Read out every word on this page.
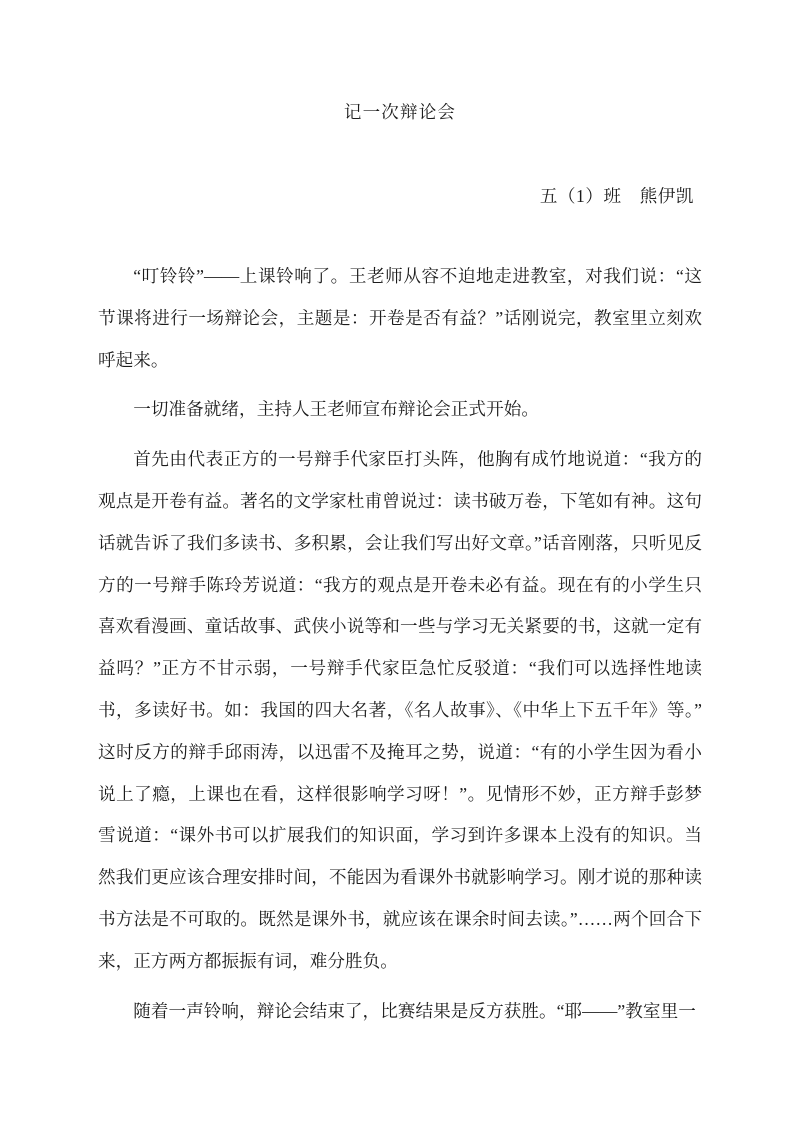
记一次辩论会
五（1）班　熊伊凯

“叮铃铃”——上课铃响了。王老师从容不迫地走进教室，对我们说：“这节课将进行一场辩论会，主题是：开卷是否有益？”话刚说完，教室里立刻欢呼起来。

一切准备就绪，主持人王老师宣布辩论会正式开始。

首先由代表正方的一号辩手代家臣打头阵，他胸有成竹地说道：“我方的观点是开卷有益。著名的文学家杜甫曾说过：读书破万卷，下笔如有神。这句话就告诉了我们多读书、多积累，会让我们写出好文章。”话音刚落，只听见反方的一号辩手陈玲芳说道：“我方的观点是开卷未必有益。现在有的小学生只喜欢看漫画、童话故事、武侠小说等和一些与学习无关紧要的书，这就一定有益吗？”正方不甘示弱，一号辩手代家臣急忙反驳道：“我们可以选择性地读书，多读好书。如：我国的四大名著，《名人故事》、《中华上下五千年》等。”这时反方的辩手邱雨涛，以迅雷不及掩耳之势，说道：“有的小学生因为看小说上了瘾，上课也在看，这样很影响学习呀！”。见情形不妙，正方辩手彭梦雪说道：“课外书可以扩展我们的知识面，学习到许多课本上没有的知识。当然我们更应该合理安排时间，不能因为看课外书就影响学习。刚才说的那种读书方法是不可取的。既然是课外书，就应该在课余时间去读。”……两个回合下来，正方两方都振振有词，难分胜负。

随着一声铃响，辩论会结束了，比赛结果是反方获胜。“耶——”教室里一
